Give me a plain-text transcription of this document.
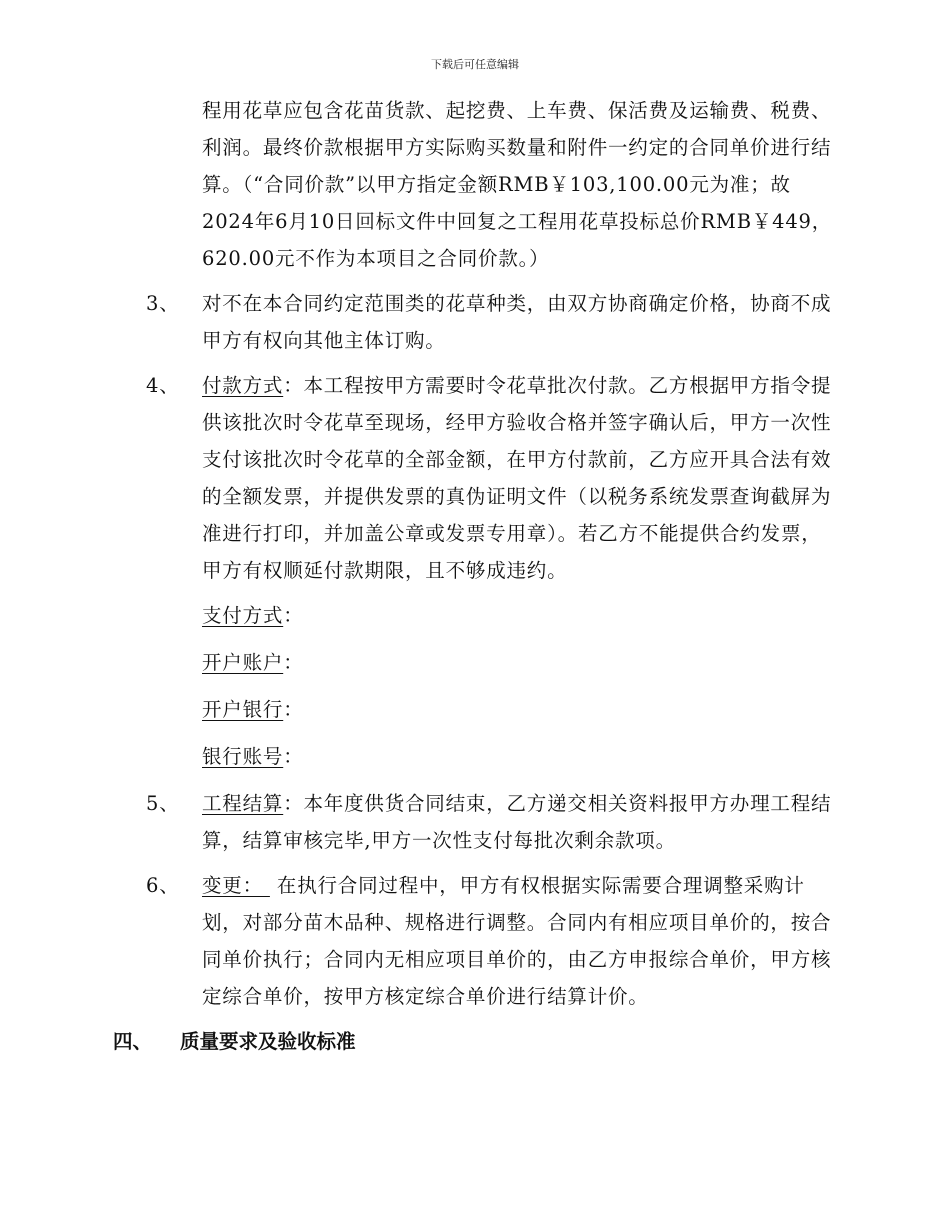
下载后可任意编辑
程用花草应包含花苗货款、起挖费、上车费、保活费及运输费、税费、利润。最终价款根据甲方实际购买数量和附件一约定的合同单价进行结算。（“合同价款”以甲方指定金额RMB￥103,100.00元为准；故2024年6月10日回标文件中回复之工程用花草投标总价RMB￥449，620.00元不作为本项目之合同价款。）
3、 对不在本合同约定范围类的花草种类，由双方协商确定价格，协商不成甲方有权向其他主体订购。
4、 付款方式：本工程按甲方需要时令花草批次付款。乙方根据甲方指令提供该批次时令花草至现场，经甲方验收合格并签字确认后，甲方一次性支付该批次时令花草的全部金额，在甲方付款前，乙方应开具合法有效的全额发票，并提供发票的真伪证明文件（以税务系统发票查询截屏为准进行打印，并加盖公章或发票专用章）。若乙方不能提供合约发票，甲方有权顺延付款期限，且不够成违约。
支付方式：
开户账户：
开户银行：
银行账号：
5、 工程结算：本年度供货合同结束，乙方递交相关资料报甲方办理工程结算，结算审核完毕,甲方一次性支付每批次剩余款项。
6、 变更：  在执行合同过程中，甲方有权根据实际需要合理调整采购计划，对部分苗木品种、规格进行调整。合同内有相应项目单价的，按合同单价执行；合同内无相应项目单价的，由乙方申报综合单价，甲方核定综合单价，按甲方核定综合单价进行结算计价。
四、 质量要求及验收标准
